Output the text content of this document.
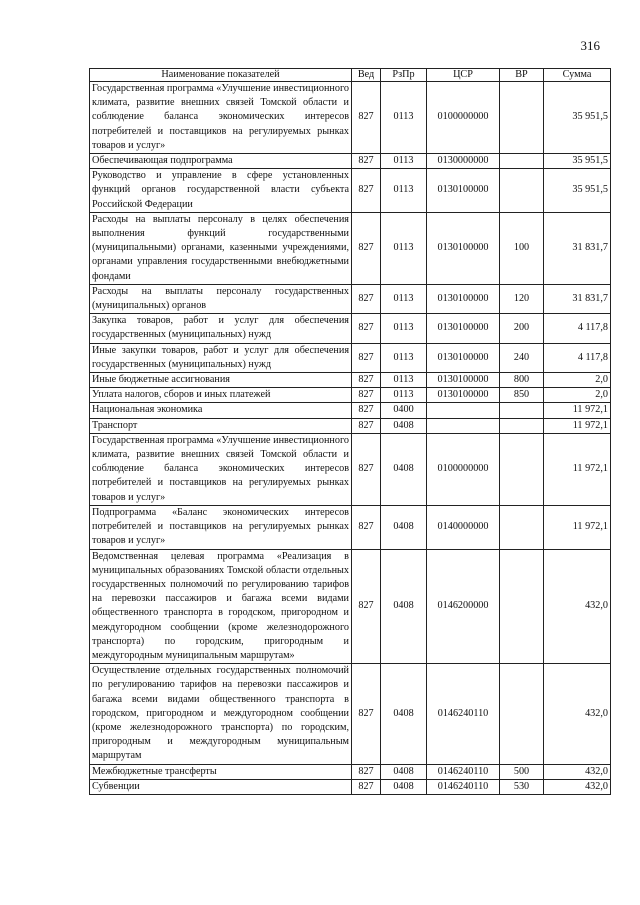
316
Наименование показателей	Вед	РзПр	ЦСР	ВР	Сумма
Государственная программа «Улучшение инвестиционного климата, развитие внешних связей Томской области и соблюдение баланса экономических интересов потребителей и поставщиков на регулируемых рынках товаров и услуг»	827	0113	0100000000		35 951,5
Обеспечивающая подпрограмма	827	0113	0130000000		35 951,5
Руководство и управление в сфере установленных функций органов государственной власти субъекта Российской Федерации	827	0113	0130100000		35 951,5
Расходы на выплаты персоналу в целях обеспечения выполнения функций государственными (муниципальными) органами, казенными учреждениями, органами управления государственными внебюджетными фондами	827	0113	0130100000	100	31 831,7
Расходы на выплаты персоналу государственных (муниципальных) органов	827	0113	0130100000	120	31 831,7
Закупка товаров, работ и услуг для обеспечения государственных (муниципальных) нужд	827	0113	0130100000	200	4 117,8
Иные закупки товаров, работ и услуг для обеспечения государственных (муниципальных) нужд	827	0113	0130100000	240	4 117,8
Иные бюджетные ассигнования	827	0113	0130100000	800	2,0
Уплата налогов, сборов и иных платежей	827	0113	0130100000	850	2,0
Национальная экономика	827	0400			11 972,1
Транспорт	827	0408			11 972,1
Государственная программа «Улучшение инвестиционного климата, развитие внешних связей Томской области и соблюдение баланса экономических интересов потребителей и поставщиков на регулируемых рынках товаров и услуг»	827	0408	0100000000		11 972,1
Подпрограмма «Баланс экономических интересов потребителей и поставщиков на регулируемых рынках товаров и услуг»	827	0408	0140000000		11 972,1
Ведомственная целевая программа «Реализация в муниципальных образованиях Томской области отдельных государственных полномочий по регулированию тарифов на перевозки пассажиров и багажа всеми видами общественного транспорта в городском, пригородном и междугородном сообщении (кроме железнодорожного транспорта) по городским, пригородным и междугородным муниципальным маршрутам»	827	0408	0146200000		432,0
Осуществление отдельных государственных полномочий по регулированию тарифов на перевозки пассажиров и багажа всеми видами общественного транспорта в городском, пригородном и междугородном сообщении (кроме железнодорожного транспорта) по городским, пригородным и междугородным муниципальным маршрутам	827	0408	0146240110		432,0
Межбюджетные трансферты	827	0408	0146240110	500	432,0
Субвенции	827	0408	0146240110	530	432,0
